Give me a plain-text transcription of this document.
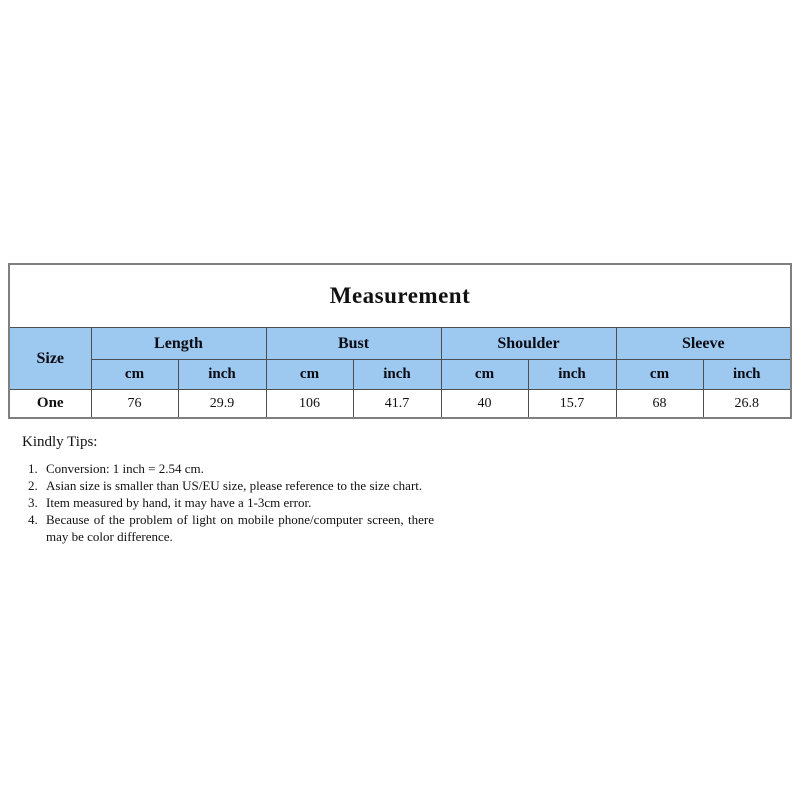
Measurement								
Size	Length		Bust		Shoulder		Sleeve	
	cm	inch	cm	inch	cm	inch	cm	inch
One	76	29.9	106	41.7	40	15.7	68	26.8

Kindly Tips:

1. Conversion: 1 inch = 2.54 cm.
2. Asian size is smaller than US/EU size, please reference to the size chart.
3. Item measured by hand, it may have a 1-3cm error.
4. Because of the problem of light on mobile phone/computer screen, there may be color difference.
